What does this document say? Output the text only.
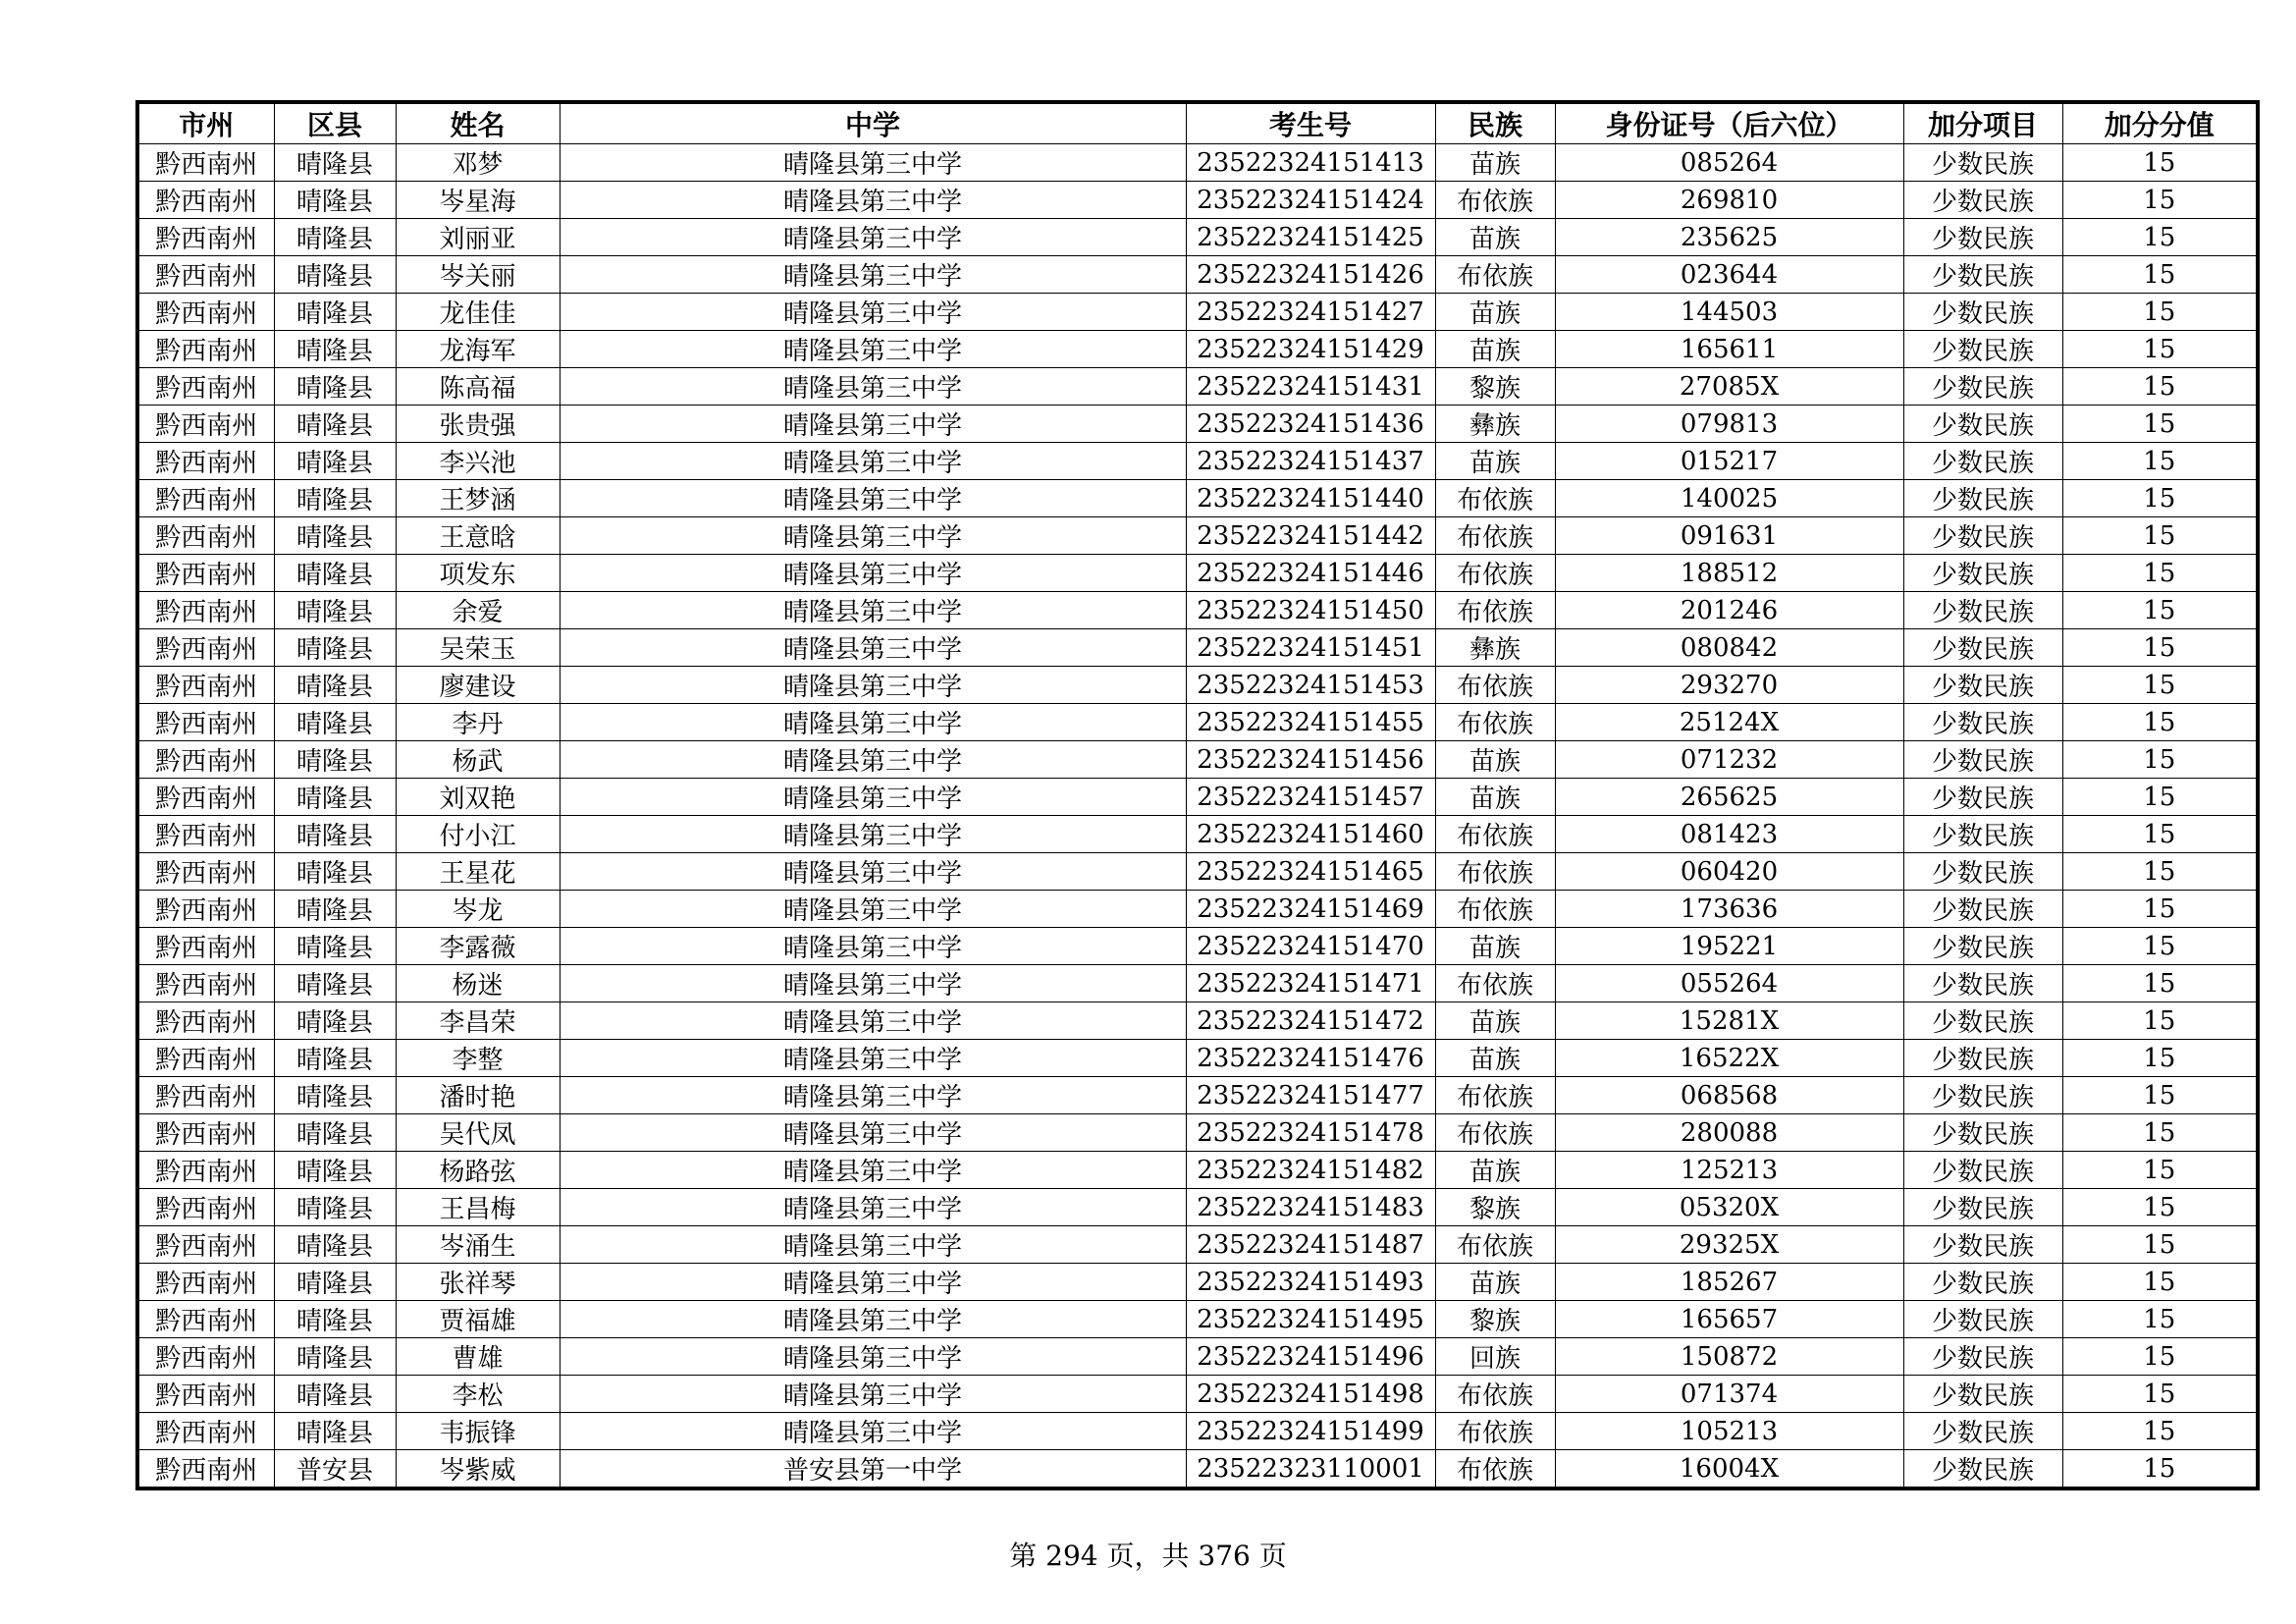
市州	区县	姓名	中学	考生号	民族	身份证号（后六位）	加分项目	加分分值
黔西南州	晴隆县	邓梦	晴隆县第三中学	23522324151413	苗族	085264	少数民族	15
黔西南州	晴隆县	岑星海	晴隆县第三中学	23522324151424	布依族	269810	少数民族	15
黔西南州	晴隆县	刘丽亚	晴隆县第三中学	23522324151425	苗族	235625	少数民族	15
黔西南州	晴隆县	岑关丽	晴隆县第三中学	23522324151426	布依族	023644	少数民族	15
黔西南州	晴隆县	龙佳佳	晴隆县第三中学	23522324151427	苗族	144503	少数民族	15
黔西南州	晴隆县	龙海军	晴隆县第三中学	23522324151429	苗族	165611	少数民族	15
黔西南州	晴隆县	陈高福	晴隆县第三中学	23522324151431	黎族	27085X	少数民族	15
黔西南州	晴隆县	张贵强	晴隆县第三中学	23522324151436	彝族	079813	少数民族	15
黔西南州	晴隆县	李兴池	晴隆县第三中学	23522324151437	苗族	015217	少数民族	15
黔西南州	晴隆县	王梦涵	晴隆县第三中学	23522324151440	布依族	140025	少数民族	15
黔西南州	晴隆县	王意晗	晴隆县第三中学	23522324151442	布依族	091631	少数民族	15
黔西南州	晴隆县	项发东	晴隆县第三中学	23522324151446	布依族	188512	少数民族	15
黔西南州	晴隆县	余爱	晴隆县第三中学	23522324151450	布依族	201246	少数民族	15
黔西南州	晴隆县	吴荣玉	晴隆县第三中学	23522324151451	彝族	080842	少数民族	15
黔西南州	晴隆县	廖建设	晴隆县第三中学	23522324151453	布依族	293270	少数民族	15
黔西南州	晴隆县	李丹	晴隆县第三中学	23522324151455	布依族	25124X	少数民族	15
黔西南州	晴隆县	杨武	晴隆县第三中学	23522324151456	苗族	071232	少数民族	15
黔西南州	晴隆县	刘双艳	晴隆县第三中学	23522324151457	苗族	265625	少数民族	15
黔西南州	晴隆县	付小江	晴隆县第三中学	23522324151460	布依族	081423	少数民族	15
黔西南州	晴隆县	王星花	晴隆县第三中学	23522324151465	布依族	060420	少数民族	15
黔西南州	晴隆县	岑龙	晴隆县第三中学	23522324151469	布依族	173636	少数民族	15
黔西南州	晴隆县	李露薇	晴隆县第三中学	23522324151470	苗族	195221	少数民族	15
黔西南州	晴隆县	杨迷	晴隆县第三中学	23522324151471	布依族	055264	少数民族	15
黔西南州	晴隆县	李昌荣	晴隆县第三中学	23522324151472	苗族	15281X	少数民族	15
黔西南州	晴隆县	李整	晴隆县第三中学	23522324151476	苗族	16522X	少数民族	15
黔西南州	晴隆县	潘时艳	晴隆县第三中学	23522324151477	布依族	068568	少数民族	15
黔西南州	晴隆县	吴代凤	晴隆县第三中学	23522324151478	布依族	280088	少数民族	15
黔西南州	晴隆县	杨路弦	晴隆县第三中学	23522324151482	苗族	125213	少数民族	15
黔西南州	晴隆县	王昌梅	晴隆县第三中学	23522324151483	黎族	05320X	少数民族	15
黔西南州	晴隆县	岑涌生	晴隆县第三中学	23522324151487	布依族	29325X	少数民族	15
黔西南州	晴隆县	张祥琴	晴隆县第三中学	23522324151493	苗族	185267	少数民族	15
黔西南州	晴隆县	贾福雄	晴隆县第三中学	23522324151495	黎族	165657	少数民族	15
黔西南州	晴隆县	曹雄	晴隆县第三中学	23522324151496	回族	150872	少数民族	15
黔西南州	晴隆县	李松	晴隆县第三中学	23522324151498	布依族	071374	少数民族	15
黔西南州	晴隆县	韦振锋	晴隆县第三中学	23522324151499	布依族	105213	少数民族	15
黔西南州	普安县	岑紫威	普安县第一中学	23522323110001	布依族	16004X	少数民族	15
第 294 页，共 376 页
